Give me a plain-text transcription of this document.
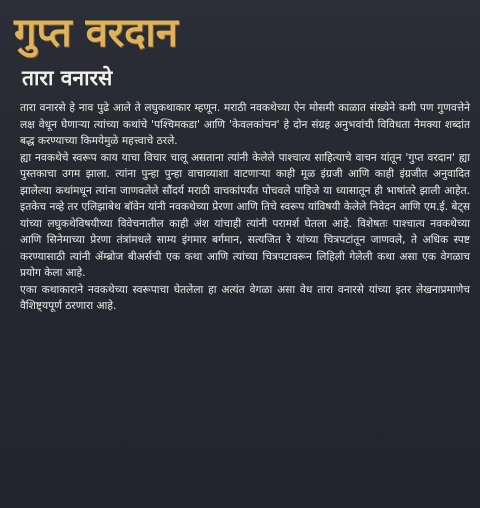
गुप्त वरदान
तारा वनारसे

तारा वनारसे हे नाव पुढे आले ते लघुकथाकार म्हणून. मराठी नवकथेच्या ऐन मोसमी काळात संख्येने कमी पण गुणवत्तेने लक्ष वेधून घेणाऱ्या त्यांच्या कथांचे 'पश्चिमकडा' आणि 'केवलकांचन' हे दोन संग्रह अनुभवांची विविधता नेमक्या शब्दांत बद्ध करण्याच्या किमयेमुळे महत्त्वाचे ठरले.

ह्या नवकथेचे स्वरूप काय याचा विचार चालू असताना त्यांनी केलेले पाश्चात्य साहित्याचे वाचन यांतून 'गुप्त वरदान' ह्या पुस्तकाचा उगम झाला. त्यांना पुन्हा पुन्हा वाचाव्याशा वाटणाऱ्या काही मूळ इंग्रजी आणि काही इंग्रजीत अनुवादित झालेल्या कथांमधून त्यांना जाणवलेले सौंदर्य मराठी वाचकांपर्यंत पोचवले पाहिजे या ध्यासातून ही भाषांतरे झाली आहेत. इतकेच नव्हे तर एलिझाबेथ बॉवेन यांनी नवकथेच्या प्रेरणा आणि तिचे स्वरूप यांविषयी केलेले निवेदन आणि एम.ई. बेट्स यांच्या लघुकथेविषयीच्या विवेचनातील काही अंश यांचाही त्यांनी परामर्श घेतला आहे. विशेषतः पाश्चात्य नवकथेच्या आणि सिनेमाच्या प्रेरणा तंत्रांमधले साम्य इंगमार बर्गमान, सत्यजित रे यांच्या चित्रपटांतून जाणवले, ते अधिक स्पष्ट करण्यासाठी त्यांनी ॲम्ब्रोज बीअर्सची एक कथा आणि त्यांच्या चित्रपटावरून लिहिली गेलेली कथा असा एक वेगळाच प्रयोग केला आहे.

एका कथाकाराने नवकथेच्या स्वरूपाचा घेतलेला हा अत्यंत वेगळा असा वेध तारा वनारसे यांच्या इतर लेखनाप्रमाणेच वैशिष्ट्यपूर्ण ठरणारा आहे.
